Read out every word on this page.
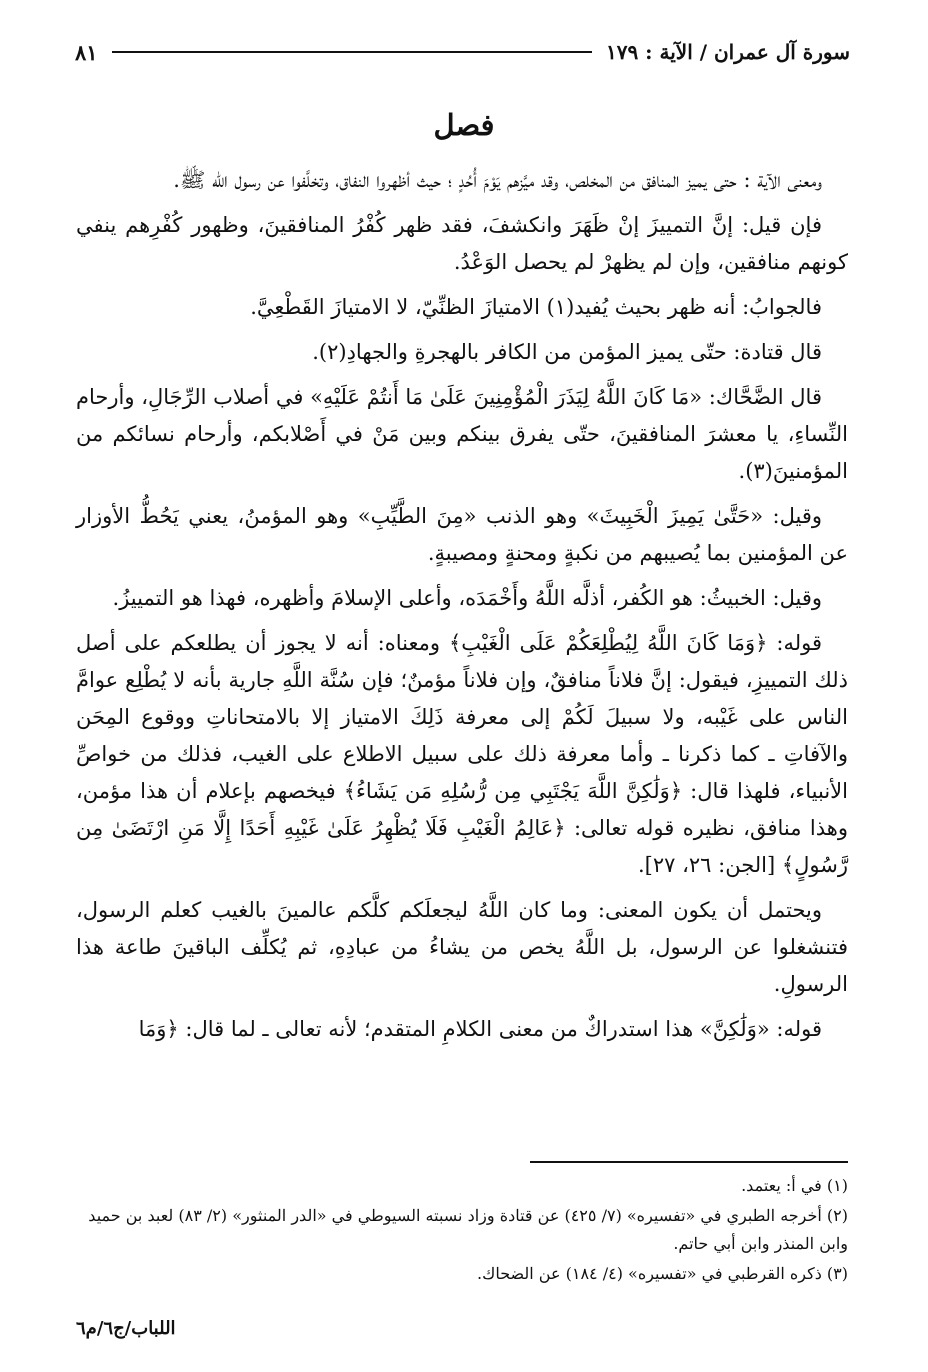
سورة آل عمران / الآية : ١٧٩
٨١
فصل

ومعنى الآية : حتى يميز المنافق من المخلص، وقد ميَّزهم يَوْمَ أُحُدٍ ؛ حيث أظهروا النفاق، وتخلَّفوا عن رسول الله ﷺ.

فإن قيل: إنَّ التمييزَ إنْ ظَهَرَ وانكشفَ، فقد ظهر كُفْرُ المنافقينَ، وظهور كُفْرِهم ينفي كونهم منافقين، وإن لم يظهرْ لم يحصل الوَعْدُ.

فالجوابُ: أنه ظهر بحيث يُفيد(١) الامتيازَ الظنِّيّ، لا الامتيازَ القَطْعِيَّ.

قال قتادة: حتّى يميز المؤمن من الكافر بالهجرةِ والجهادِ(٢).

قال الضَّحَّاك: «مَا كَانَ اللَّهُ لِيَذَرَ الْمُؤْمِنِينَ عَلَىٰ مَا أَنتُمْ عَلَيْهِ» في أصلاب الرِّجَالِ، وأرحام النِّساءِ، يا معشرَ المنافقينَ، حتّى يفرق بينكم وبين مَنْ في أَصْلابكم، وأرحام نسائكم من المؤمنينَ(٣).

وقيل: «حَتَّىٰ يَمِيزَ الْخَبِيثَ» وهو الذنب «مِنَ الطَّيِّبِ» وهو المؤمنُ، يعني يَحُطُّ الأوزار عن المؤمنين بما يُصيبهم من نكبةٍ ومحنةٍ ومصيبةٍ.

وقيل: الخبيثُ: هو الكُفر، أذلَّه اللَّهُ وأَخْمَدَه، وأعلى الإسلامَ وأظهره، فهذا هو التمييزُ.

قوله: ﴿وَمَا كَانَ اللَّهُ لِيُطْلِعَكُمْ عَلَى الْغَيْبِ﴾ ومعناه: أنه لا يجوز أن يطلعكم على أصل ذلك التمييزِ، فيقول: إنَّ فلاناً منافقٌ، وإن فلاناً مؤمنٌ؛ فإن سُنَّة اللَّهِ جارية بأنه لا يُطْلِع عوامَّ الناس على غَيْبه، ولا سبيلَ لَكُمْ إلى معرفة ذَلِكَ الامتياز إلا بالامتحاناتِ ووقوع المِحَن والآفاتِ ـ كما ذكرنا ـ وأما معرفة ذلك على سبيل الاطلاع على الغيب، فذلك من خواصِّ الأنبياء، فلهذا قال: ﴿وَلَٰكِنَّ اللَّهَ يَجْتَبِي مِن رُّسُلِهِ مَن يَشَاءُ﴾ فيخصهم بإعلام أن هذا مؤمن، وهذا منافق، نظيره قوله تعالى: ﴿عَالِمُ الْغَيْبِ فَلَا يُظْهِرُ عَلَىٰ غَيْبِهِ أَحَدًا إِلَّا مَنِ ارْتَضَىٰ مِن رَّسُولٍ﴾ [الجن: ٢٦، ٢٧].

ويحتمل أن يكون المعنى: وما كان اللَّهُ ليجعلَكم كلَّكم عالمينَ بالغيب كعلم الرسول، فتنشغلوا عن الرسول، بل اللَّهُ يخص من يشاءُ من عبادِهِ، ثم يُكلِّف الباقينَ طاعة هذا الرسولِ.

قوله: «وَلَٰكِنَّ» هذا استدراكٌ من معنى الكلامِ المتقدم؛ لأنه تعالى ـ لما قال: ﴿وَمَا

(١) في أ: يعتمد.

(٢) أخرجه الطبري في «تفسيره» (٧/ ٤٢٥) عن قتادة وزاد نسبته السيوطي في «الدر المنثور» (٢/ ٨٣) لعبد بن حميد وابن المنذر وابن أبي حاتم.

(٣) ذكره القرطبي في «تفسيره» (٤/ ١٨٤) عن الضحاك.

اللباب/ج٦/م٦
